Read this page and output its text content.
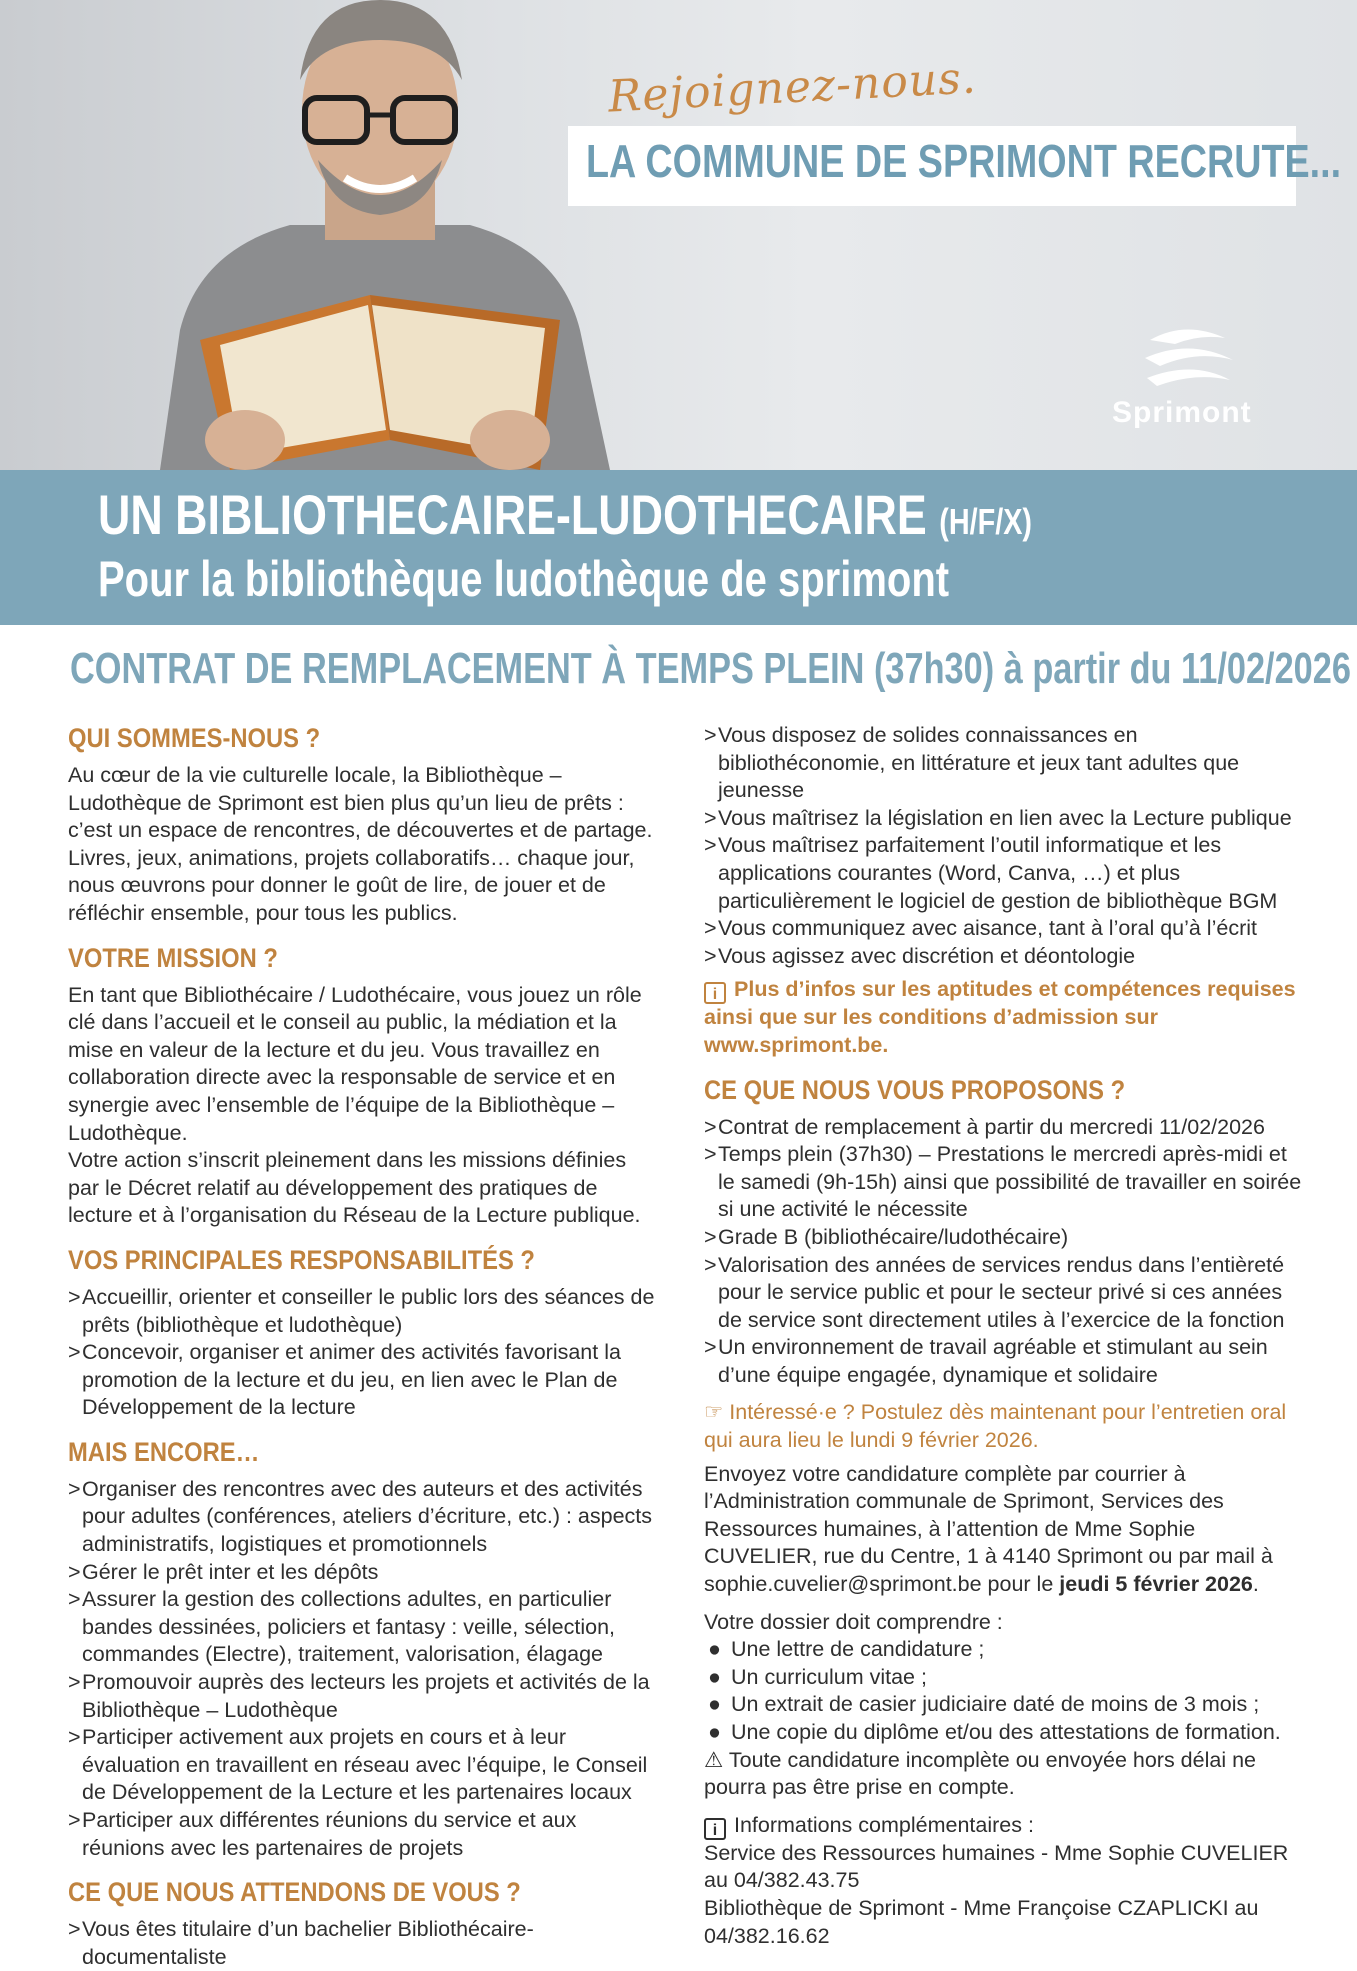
Rejoignez-nous.
LA COMMUNE DE SPRIMONT RECRUTE...
Sprimont
UN BIBLIOTHECAIRE-LUDOTHECAIRE (H/F/X)
Pour la bibliothèque ludothèque de sprimont
CONTRAT DE REMPLACEMENT À TEMPS PLEIN (37h30) à partir du 11/02/2026
QUI SOMMES-NOUS ?

Au cœur de la vie culturelle locale, la Bibliothèque – Ludothèque de Sprimont est bien plus qu’un lieu de prêts : c’est un espace de rencontres, de découvertes et de partage. Livres, jeux, animations, projets collaboratifs… chaque jour, nous œuvrons pour donner le goût de lire, de jouer et de réfléchir ensemble, pour tous les publics.

VOTRE MISSION ?

En tant que Bibliothécaire / Ludothécaire, vous jouez un rôle clé dans l’accueil et le conseil au public, la médiation et la mise en valeur de la lecture et du jeu. Vous travaillez en collaboration directe avec la responsable de service et en synergie avec l’ensemble de l’équipe de la Bibliothèque – Ludothèque.

Votre action s’inscrit pleinement dans les missions définies par le Décret relatif au développement des pratiques de lecture et à l’organisation du Réseau de la Lecture publique.

VOS PRINCIPALES RESPONSABILITÉS ?
> Accueillir, orienter et conseiller le public lors des séances de prêts (bibliothèque et ludothèque)
> Concevoir, organiser et animer des activités favorisant la promotion de la lecture et du jeu, en lien avec le Plan de Développement de la lecture
MAIS ENCORE…
> Organiser des rencontres avec des auteurs et des activités pour adultes (conférences, ateliers d’écriture, etc.) : aspects administratifs, logistiques et promotionnels
> Gérer le prêt inter et les dépôts
> Assurer la gestion des collections adultes, en particulier bandes dessinées, policiers et fantasy : veille, sélection, commandes (Electre), traitement, valorisation, élagage
> Promouvoir auprès des lecteurs les projets et activités de la Bibliothèque – Ludothèque
> Participer activement aux projets en cours et à leur évaluation en travaillent en réseau avec l’équipe, le Conseil de Développement de la Lecture et les partenaires locaux
> Participer aux différentes réunions du service et aux réunions avec les partenaires de projets
CE QUE NOUS ATTENDONS DE VOUS ?
> Vous êtes titulaire d’un bachelier Bibliothécaire-documentaliste
> Vous disposez de solides connaissances en bibliothéconomie, en littérature et jeux tant adultes que jeunesse
> Vous maîtrisez la législation en lien avec la Lecture publique
> Vous maîtrisez parfaitement l’outil informatique et les applications courantes (Word, Canva, …) et plus particulièrement le logiciel de gestion de bibliothèque BGM
> Vous communiquez avec aisance, tant à l’oral qu’à l’écrit
> Vous agissez avec discrétion et déontologie
i Plus d’infos sur les aptitudes et compétences requises
ainsi que sur les conditions d’admission sur www.sprimont.be.
CE QUE NOUS VOUS PROPOSONS ?
> Contrat de remplacement à partir du mercredi 11/02/2026
> Temps plein (37h30) – Prestations le mercredi après-midi et le samedi (9h-15h) ainsi que possibilité de travailler en soirée si une activité le nécessite
> Grade B (bibliothécaire/ludothécaire)
> Valorisation des années de services rendus dans l’entièreté pour le service public et pour le secteur privé si ces années de service sont directement utiles à l’exercice de la fonction
> Un environnement de travail agréable et stimulant au sein d’une équipe engagée, dynamique et solidaire

☞ Intéressé·e ? Postulez dès maintenant pour l’entretien oral qui aura lieu le lundi 9 février 2026.

Envoyez votre candidature complète par courrier à l’Administration communale de Sprimont, Services des Ressources humaines, à l’attention de Mme Sophie CUVELIER, rue du Centre, 1 à 4140 Sprimont ou par mail à sophie.cuvelier@sprimont.be pour le jeudi 5 février 2026.

Votre dossier doit comprendre :

● Une lettre de candidature ;
● Un curriculum vitae ;
● Un extrait de casier judiciaire daté de moins de 3 mois ;
● Une copie du diplôme et/ou des attestations de formation.

⚠ Toute candidature incomplète ou envoyée hors délai ne pourra pas être prise en compte.

i Informations complémentaires :

Service des Ressources humaines - Mme Sophie CUVELIER au 04/382.43.75

Bibliothèque de Sprimont - Mme Françoise CZAPLICKI au 04/382.16.62
